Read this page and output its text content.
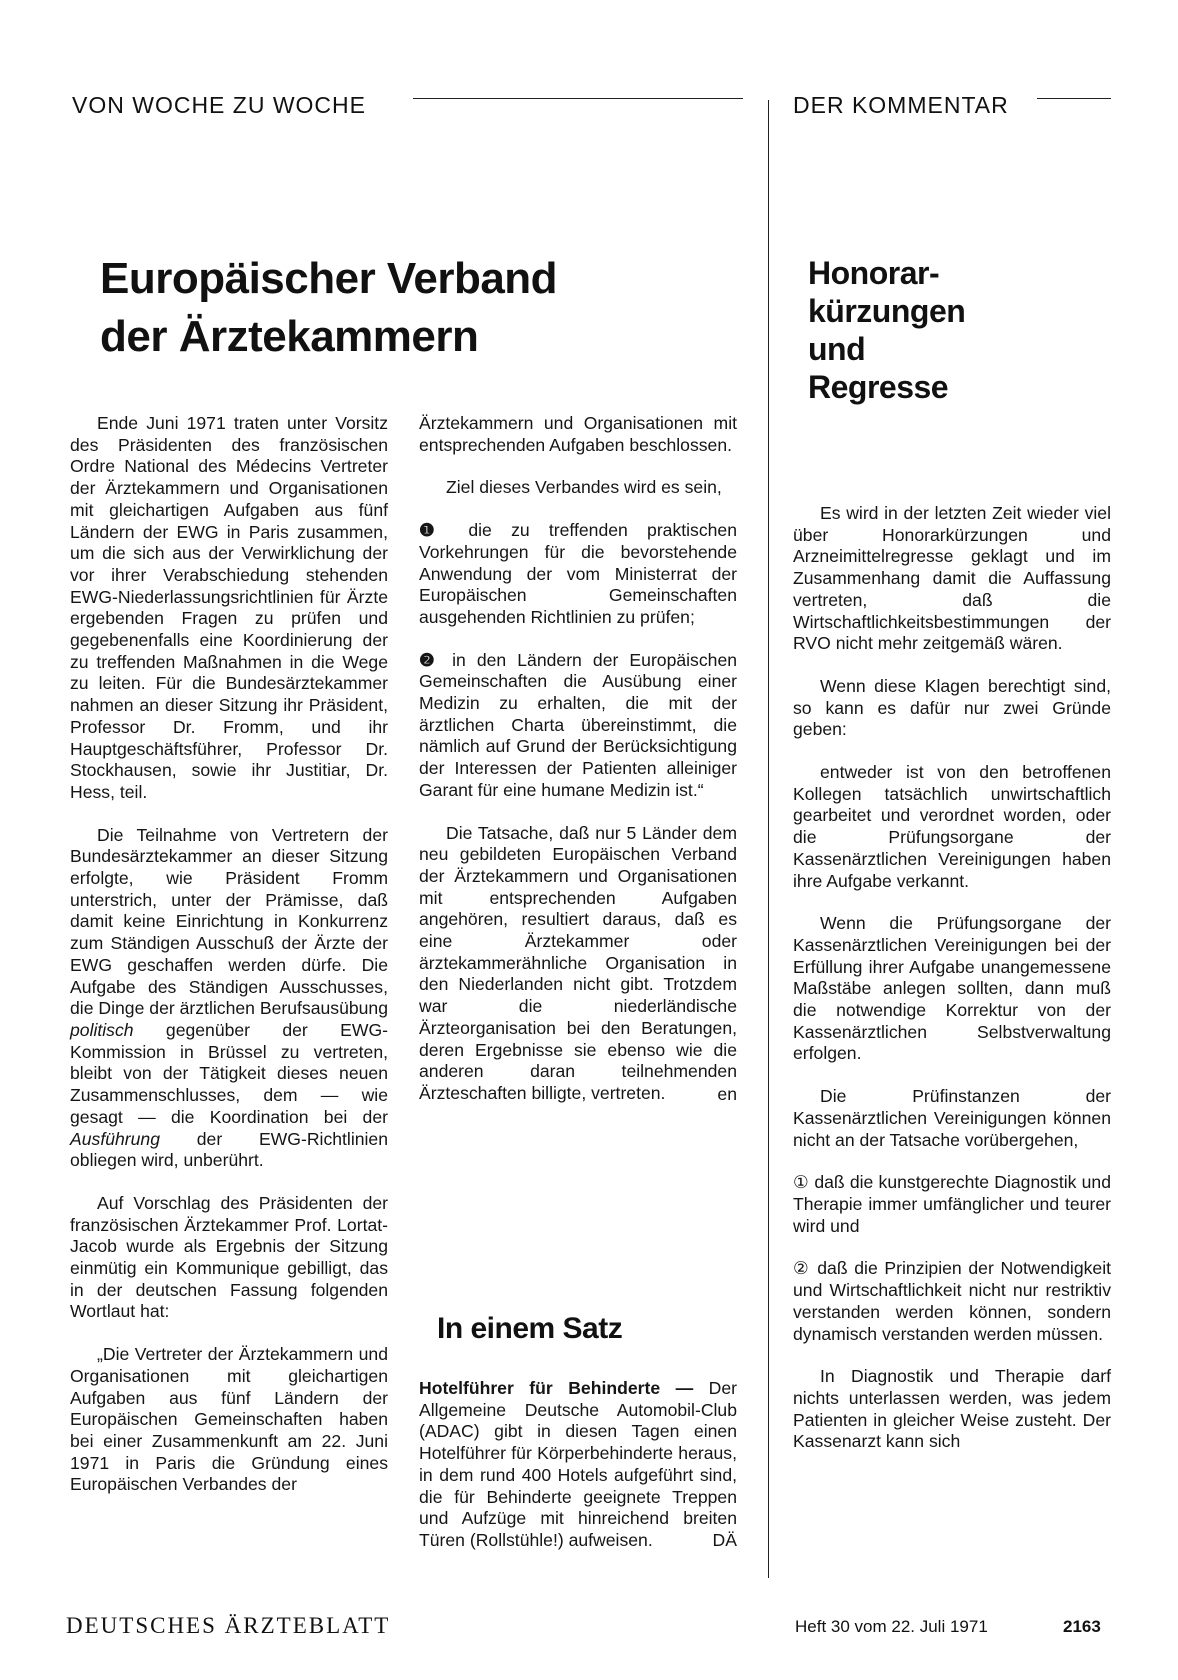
VON WOCHE ZU WOCHE	DER KOMMENTAR
Europäischer Verband
der Ärztekammern

Ende Juni 1971 traten unter Vorsitz des Präsidenten des französischen Ordre National des Médecins Vertreter der Ärztekammern und Organisationen mit gleichartigen Aufgaben aus fünf Ländern der EWG in Paris zusammen, um die sich aus der Verwirklichung der vor ihrer Verabschiedung stehenden EWG-Niederlassungsrichtlinien für Ärzte ergebenden Fragen zu prüfen und gegebenenfalls eine Koordinierung der zu treffenden Maßnahmen in die Wege zu leiten. Für die Bundesärztekammer nahmen an dieser Sitzung ihr Präsident, Professor Dr. Fromm, und ihr Hauptgeschäftsführer, Professor Dr. Stockhausen, sowie ihr Justitiar, Dr. Hess, teil.

Die Teilnahme von Vertretern der Bundesärztekammer an dieser Sitzung erfolgte, wie Präsident Fromm unterstrich, unter der Prämisse, daß damit keine Einrichtung in Konkurrenz zum Ständigen Ausschuß der Ärzte der EWG geschaffen werden dürfe. Die Aufgabe des Ständigen Ausschusses, die Dinge der ärztlichen Berufsausübung politisch gegenüber der EWG-Kommission in Brüssel zu vertreten, bleibt von der Tätigkeit dieses neuen Zusammenschlusses, dem — wie gesagt — die Koordination bei der Ausführung der EWG-Richtlinien obliegen wird, unberührt.

Auf Vorschlag des Präsidenten der französischen Ärztekammer Prof. Lortat-Jacob wurde als Ergebnis der Sitzung einmütig ein Kommunique gebilligt, das in der deutschen Fassung folgenden Wortlaut hat:

„Die Vertreter der Ärztekammern und Organisationen mit gleichartigen Aufgaben aus fünf Ländern der Europäischen Gemeinschaften haben bei einer Zusammenkunft am 22. Juni 1971 in Paris die Gründung eines Europäischen Verbandes der

Ärztekammern und Organisationen mit entsprechenden Aufgaben beschlossen.

Ziel dieses Verbandes wird es sein,

❶ die zu treffenden praktischen Vorkehrungen für die bevorstehende Anwendung der vom Ministerrat der Europäischen Gemeinschaften ausgehenden Richtlinien zu prüfen;

❷ in den Ländern der Europäischen Gemeinschaften die Ausübung einer Medizin zu erhalten, die mit der ärztlichen Charta übereinstimmt, die nämlich auf Grund der Berücksichtigung der Interessen der Patienten alleiniger Garant für eine humane Medizin ist.“

Die Tatsache, daß nur 5 Länder dem neu gebildeten Europäischen Verband der Ärztekammern und Organisationen mit entsprechenden Aufgaben angehören, resultiert daraus, daß es eine Ärztekammer oder ärztekammerähnliche Organisation in den Niederlanden nicht gibt. Trotzdem war die niederländische Ärzteorganisation bei den Beratungen, deren Ergebnisse sie ebenso wie die anderen daran teilnehmenden Ärzteschaften billigte, vertreten.	en
In einem Satz

Hotelführer für Behinderte — Der Allgemeine Deutsche Automobil-Club (ADAC) gibt in diesen Tagen einen Hotelführer für Körperbehinderte heraus, in dem rund 400 Hotels aufgeführt sind, die für Behinderte geeignete Treppen und Aufzüge mit hinreichend breiten Türen (Rollstühle!) aufweisen.	DÄ

Honorar-
kürzungen
und
Regresse

Es wird in der letzten Zeit wieder viel über Honorarkürzungen und Arzneimittelregresse geklagt und im Zusammenhang damit die Auffassung vertreten, daß die Wirtschaftlichkeitsbestimmungen der RVO nicht mehr zeitgemäß wären.

Wenn diese Klagen berechtigt sind, so kann es dafür nur zwei Gründe geben:

entweder ist von den betroffenen Kollegen tatsächlich unwirtschaftlich gearbeitet und verordnet worden, oder die Prüfungsorgane der Kassenärztlichen Vereinigungen haben ihre Aufgabe verkannt.

Wenn die Prüfungsorgane der Kassenärztlichen Vereinigungen bei der Erfüllung ihrer Aufgabe unangemessene Maßstäbe anlegen sollten, dann muß die notwendige Korrektur von der Kassenärztlichen Selbstverwaltung erfolgen.

Die Prüfinstanzen der Kassenärztlichen Vereinigungen können nicht an der Tatsache vorübergehen,

① daß die kunstgerechte Diagnostik und Therapie immer umfänglicher und teurer wird und

② daß die Prinzipien der Notwendigkeit und Wirtschaftlichkeit nicht nur restriktiv verstanden werden können, sondern dynamisch verstanden werden müssen.

In Diagnostik und Therapie darf nichts unterlassen werden, was jedem Patienten in gleicher Weise zusteht. Der Kassenarzt kann sich

DEUTSCHES ÄRZTEBLATT	Heft 30 vom 22. Juli 1971	2163
